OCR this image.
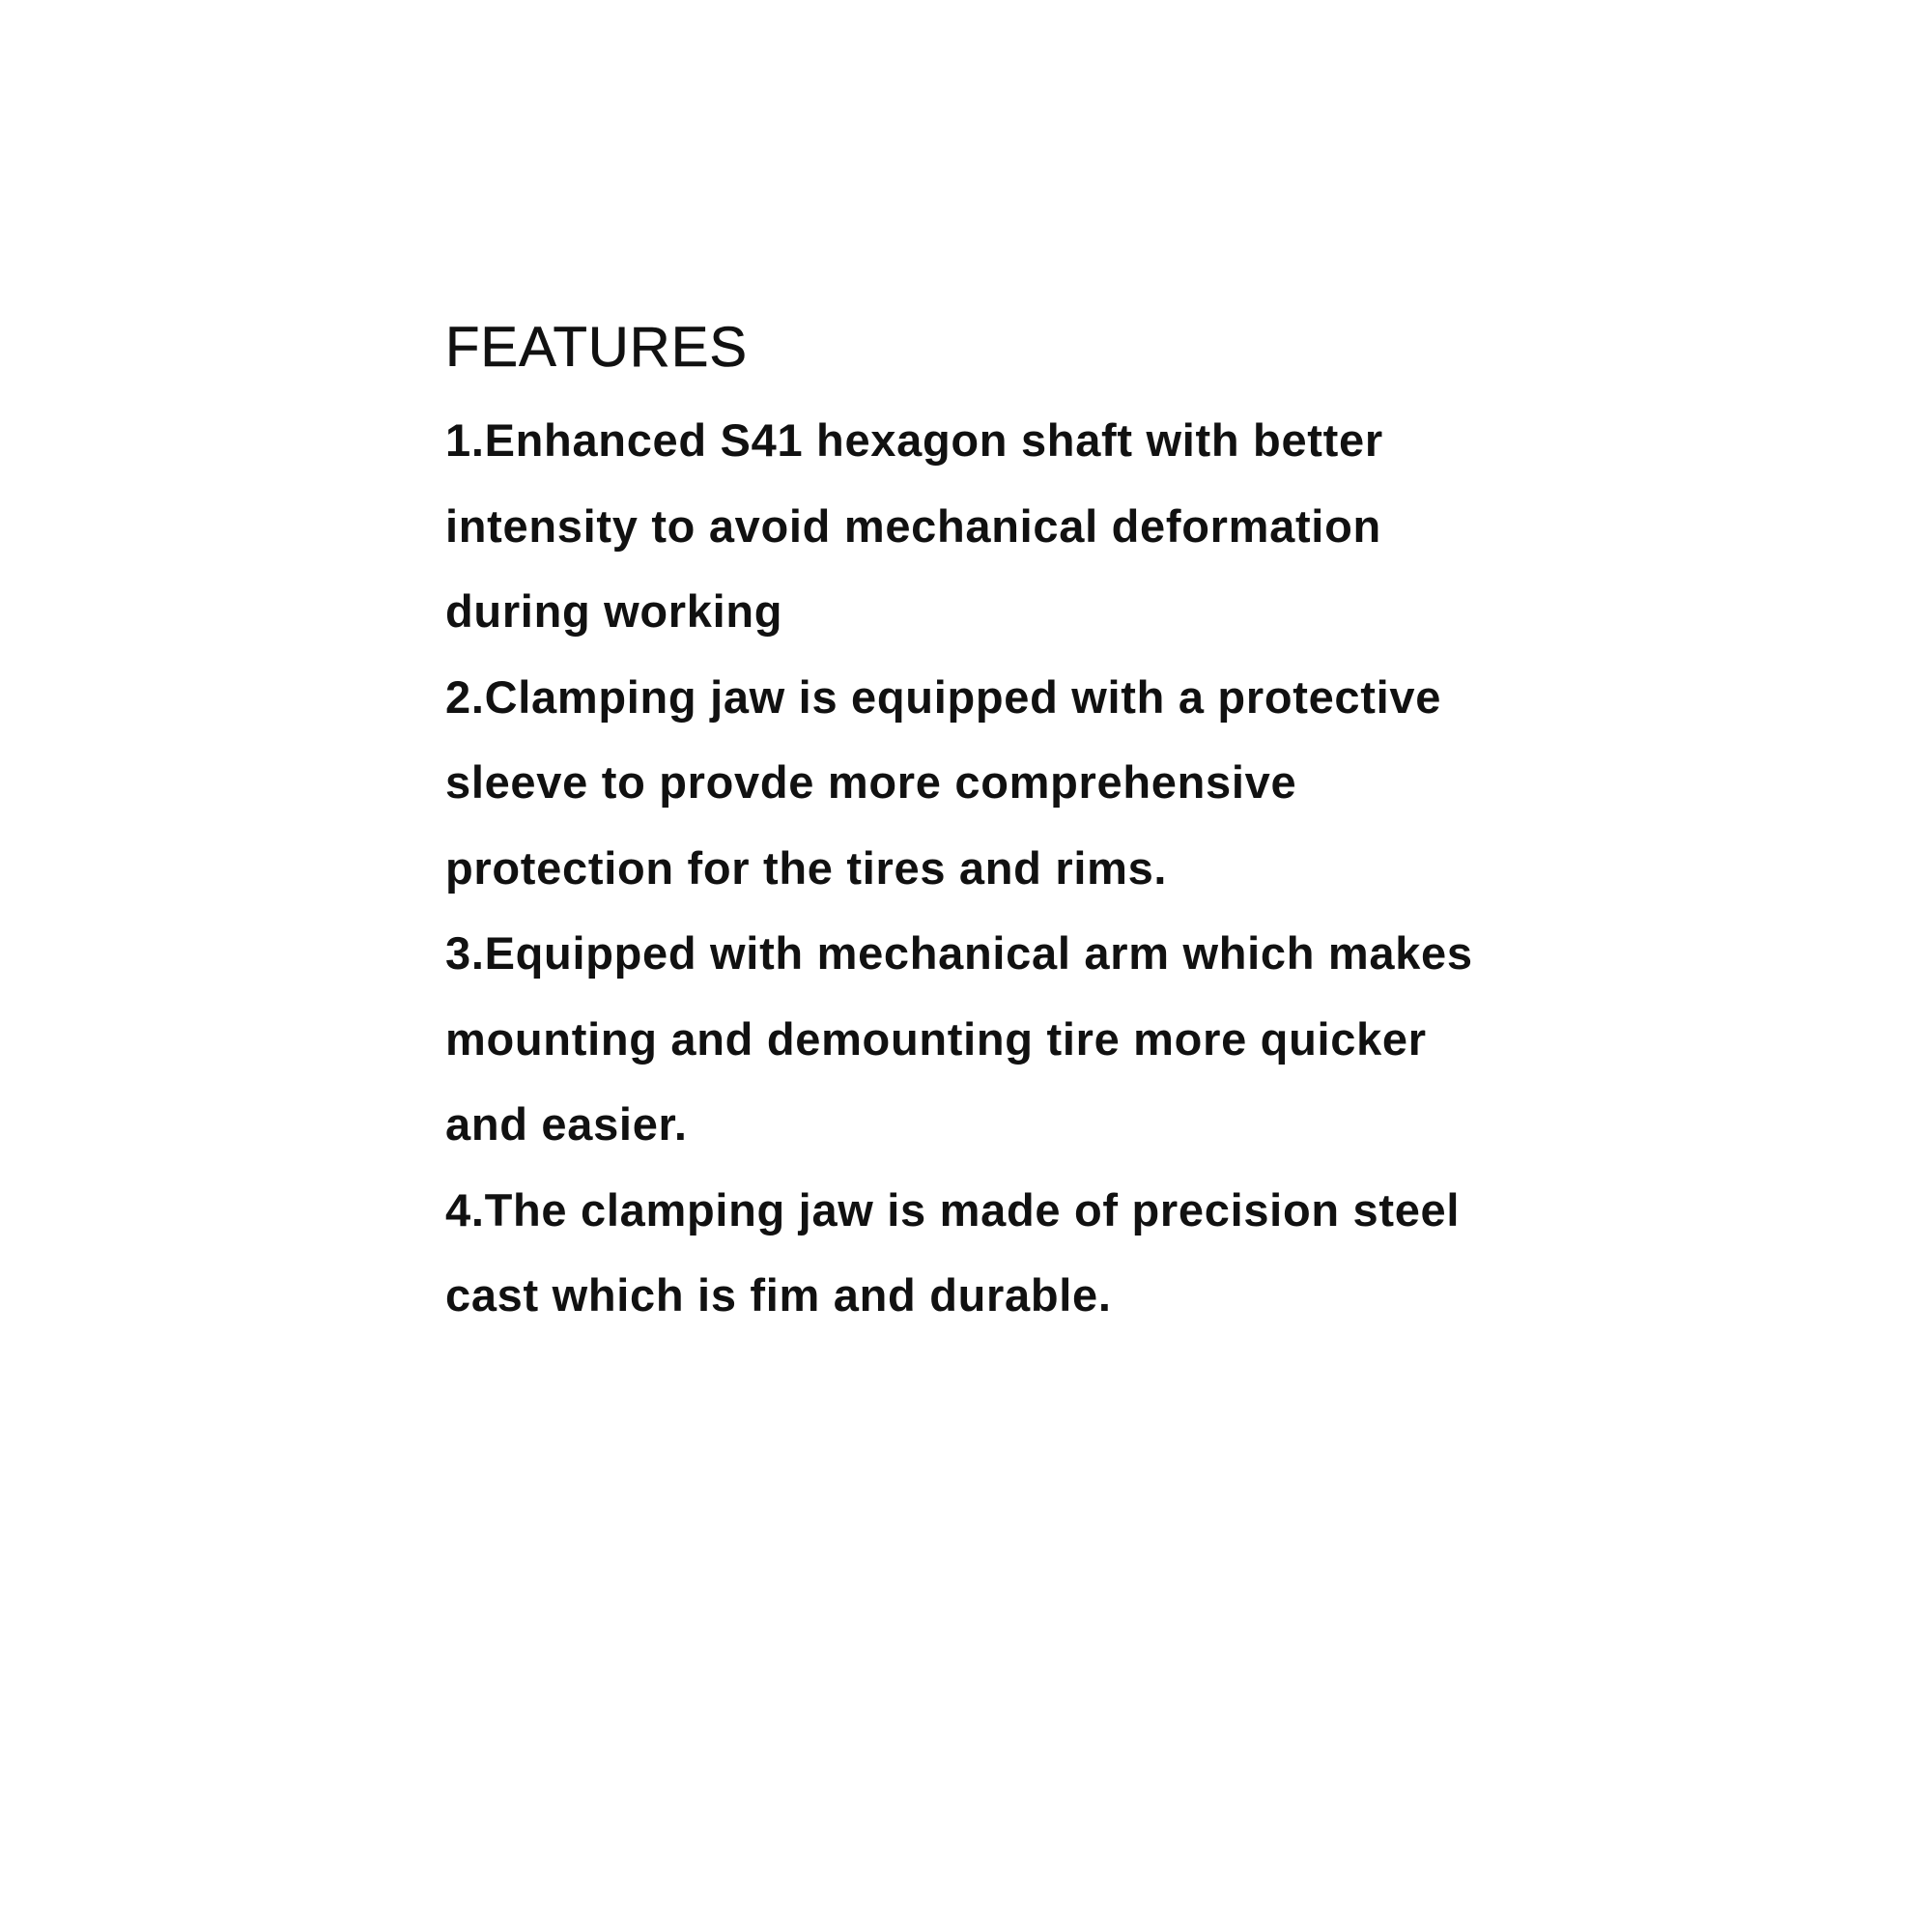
FEATURES
1.Enhanced S41 hexagon shaft with better
intensity to avoid mechanical deformation
during working
2.Clamping jaw is equipped with a protective
sleeve to provde more comprehensive
protection for the tires and rims.
3.Equipped with mechanical arm which makes
mounting and demounting tire more quicker
and easier.
4.The clamping jaw is made of precision steel
cast which is fim and durable.
